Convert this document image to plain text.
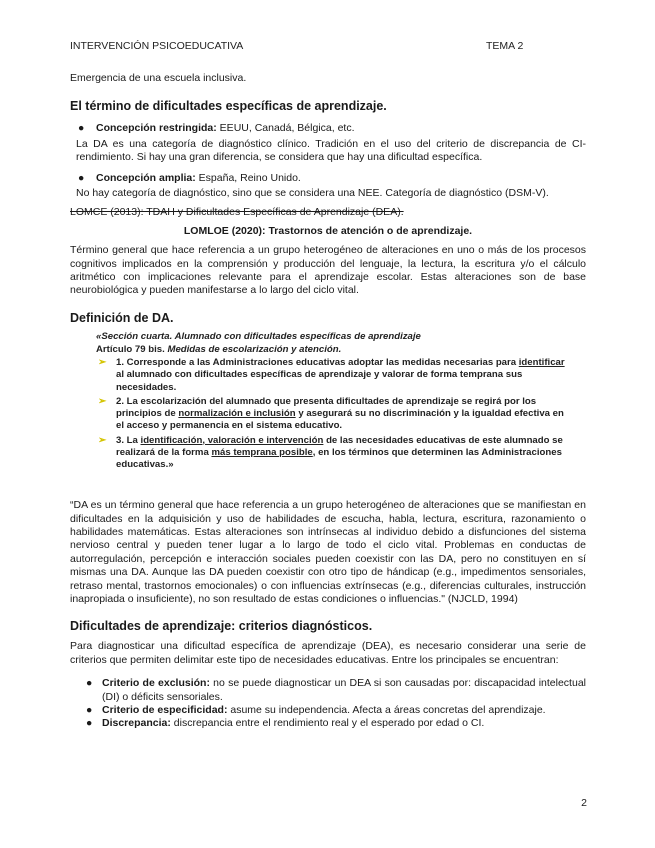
INTERVENCIÓN PSICOEDUCATIVA	TEMA 2

Emergencia de una escuela inclusiva.

El término de dificultades específicas de aprendizaje.
● Concepción restringida: EEUU, Canadá, Bélgica, etc.

La DA es una categoría de diagnóstico clínico. Tradición en el uso del criterio de discrepancia de CI-rendimiento. Si hay una gran diferencia, se considera que hay una dificultad específica.

● Concepción amplia: España, Reino Unido.

No hay categoría de diagnóstico, sino que se considera una NEE. Categoría de diagnóstico (DSM-V).

LOMCE (2013): TDAH y Dificultades Específicas de Aprendizaje (DEA).

LOMLOE (2020): Trastornos de atención o de aprendizaje.

Término general que hace referencia a un grupo heterogéneo de alteraciones en uno o más de los procesos cognitivos implicados en la comprensión y producción del lenguaje, la lectura, la escritura y/o el cálculo aritmético con implicaciones relevante para el aprendizaje escolar. Estas alteraciones son de base neurobiológica y pueden manifestarse a lo largo del ciclo vital.

Definición de DA.
«Sección cuarta. Alumnado con dificultades específicas de aprendizaje
Artículo 79 bis. Medidas de escolarización y atención.
➢ 1. Corresponde a las Administraciones educativas adoptar las medidas necesarias para identificar al alumnado con dificultades específicas de aprendizaje y valorar de forma temprana sus necesidades.
➢ 2. La escolarización del alumnado que presenta dificultades de aprendizaje se regirá por los principios de normalización e inclusión y asegurará su no discriminación y la igualdad efectiva en el acceso y permanencia en el sistema educativo.
➢ 3. La identificación, valoración e intervención de las necesidades educativas de este alumnado se realizará de la forma más temprana posible, en los términos que determinen las Administraciones educativas.»

“DA es un término general que hace referencia a un grupo heterogéneo de alteraciones que se manifiestan en dificultades en la adquisición y uso de habilidades de escucha, habla, lectura, escritura, razonamiento o habilidades matemáticas. Estas alteraciones son intrínsecas al individuo debido a disfunciones del sistema nervioso central y pueden tener lugar a lo largo de todo el ciclo vital. Problemas en conductas de autorregulación, percepción e interacción sociales pueden coexistir con las DA, pero no constituyen en sí mismas una DA. Aunque las DA pueden coexistir con otro tipo de hándicap (e.g., impedimentos sensoriales, retraso mental, trastornos emocionales) o con influencias extrínsecas (e.g., diferencias culturales, instrucción inapropiada o insuficiente), no son resultado de estas condiciones o influencias." (NJCLD, 1994)

Dificultades de aprendizaje: criterios diagnósticos.

Para diagnosticar una dificultad específica de aprendizaje (DEA), es necesario considerar una serie de criterios que permiten delimitar este tipo de necesidades educativas. Entre los principales se encuentran:

● Criterio de exclusión: no se puede diagnosticar un DEA si son causadas por: discapacidad intelectual (DI) o déficits sensoriales.
● Criterio de especificidad: asume su independencia. Afecta a áreas concretas del aprendizaje.
● Discrepancia: discrepancia entre el rendimiento real y el esperado por edad o CI.
2
